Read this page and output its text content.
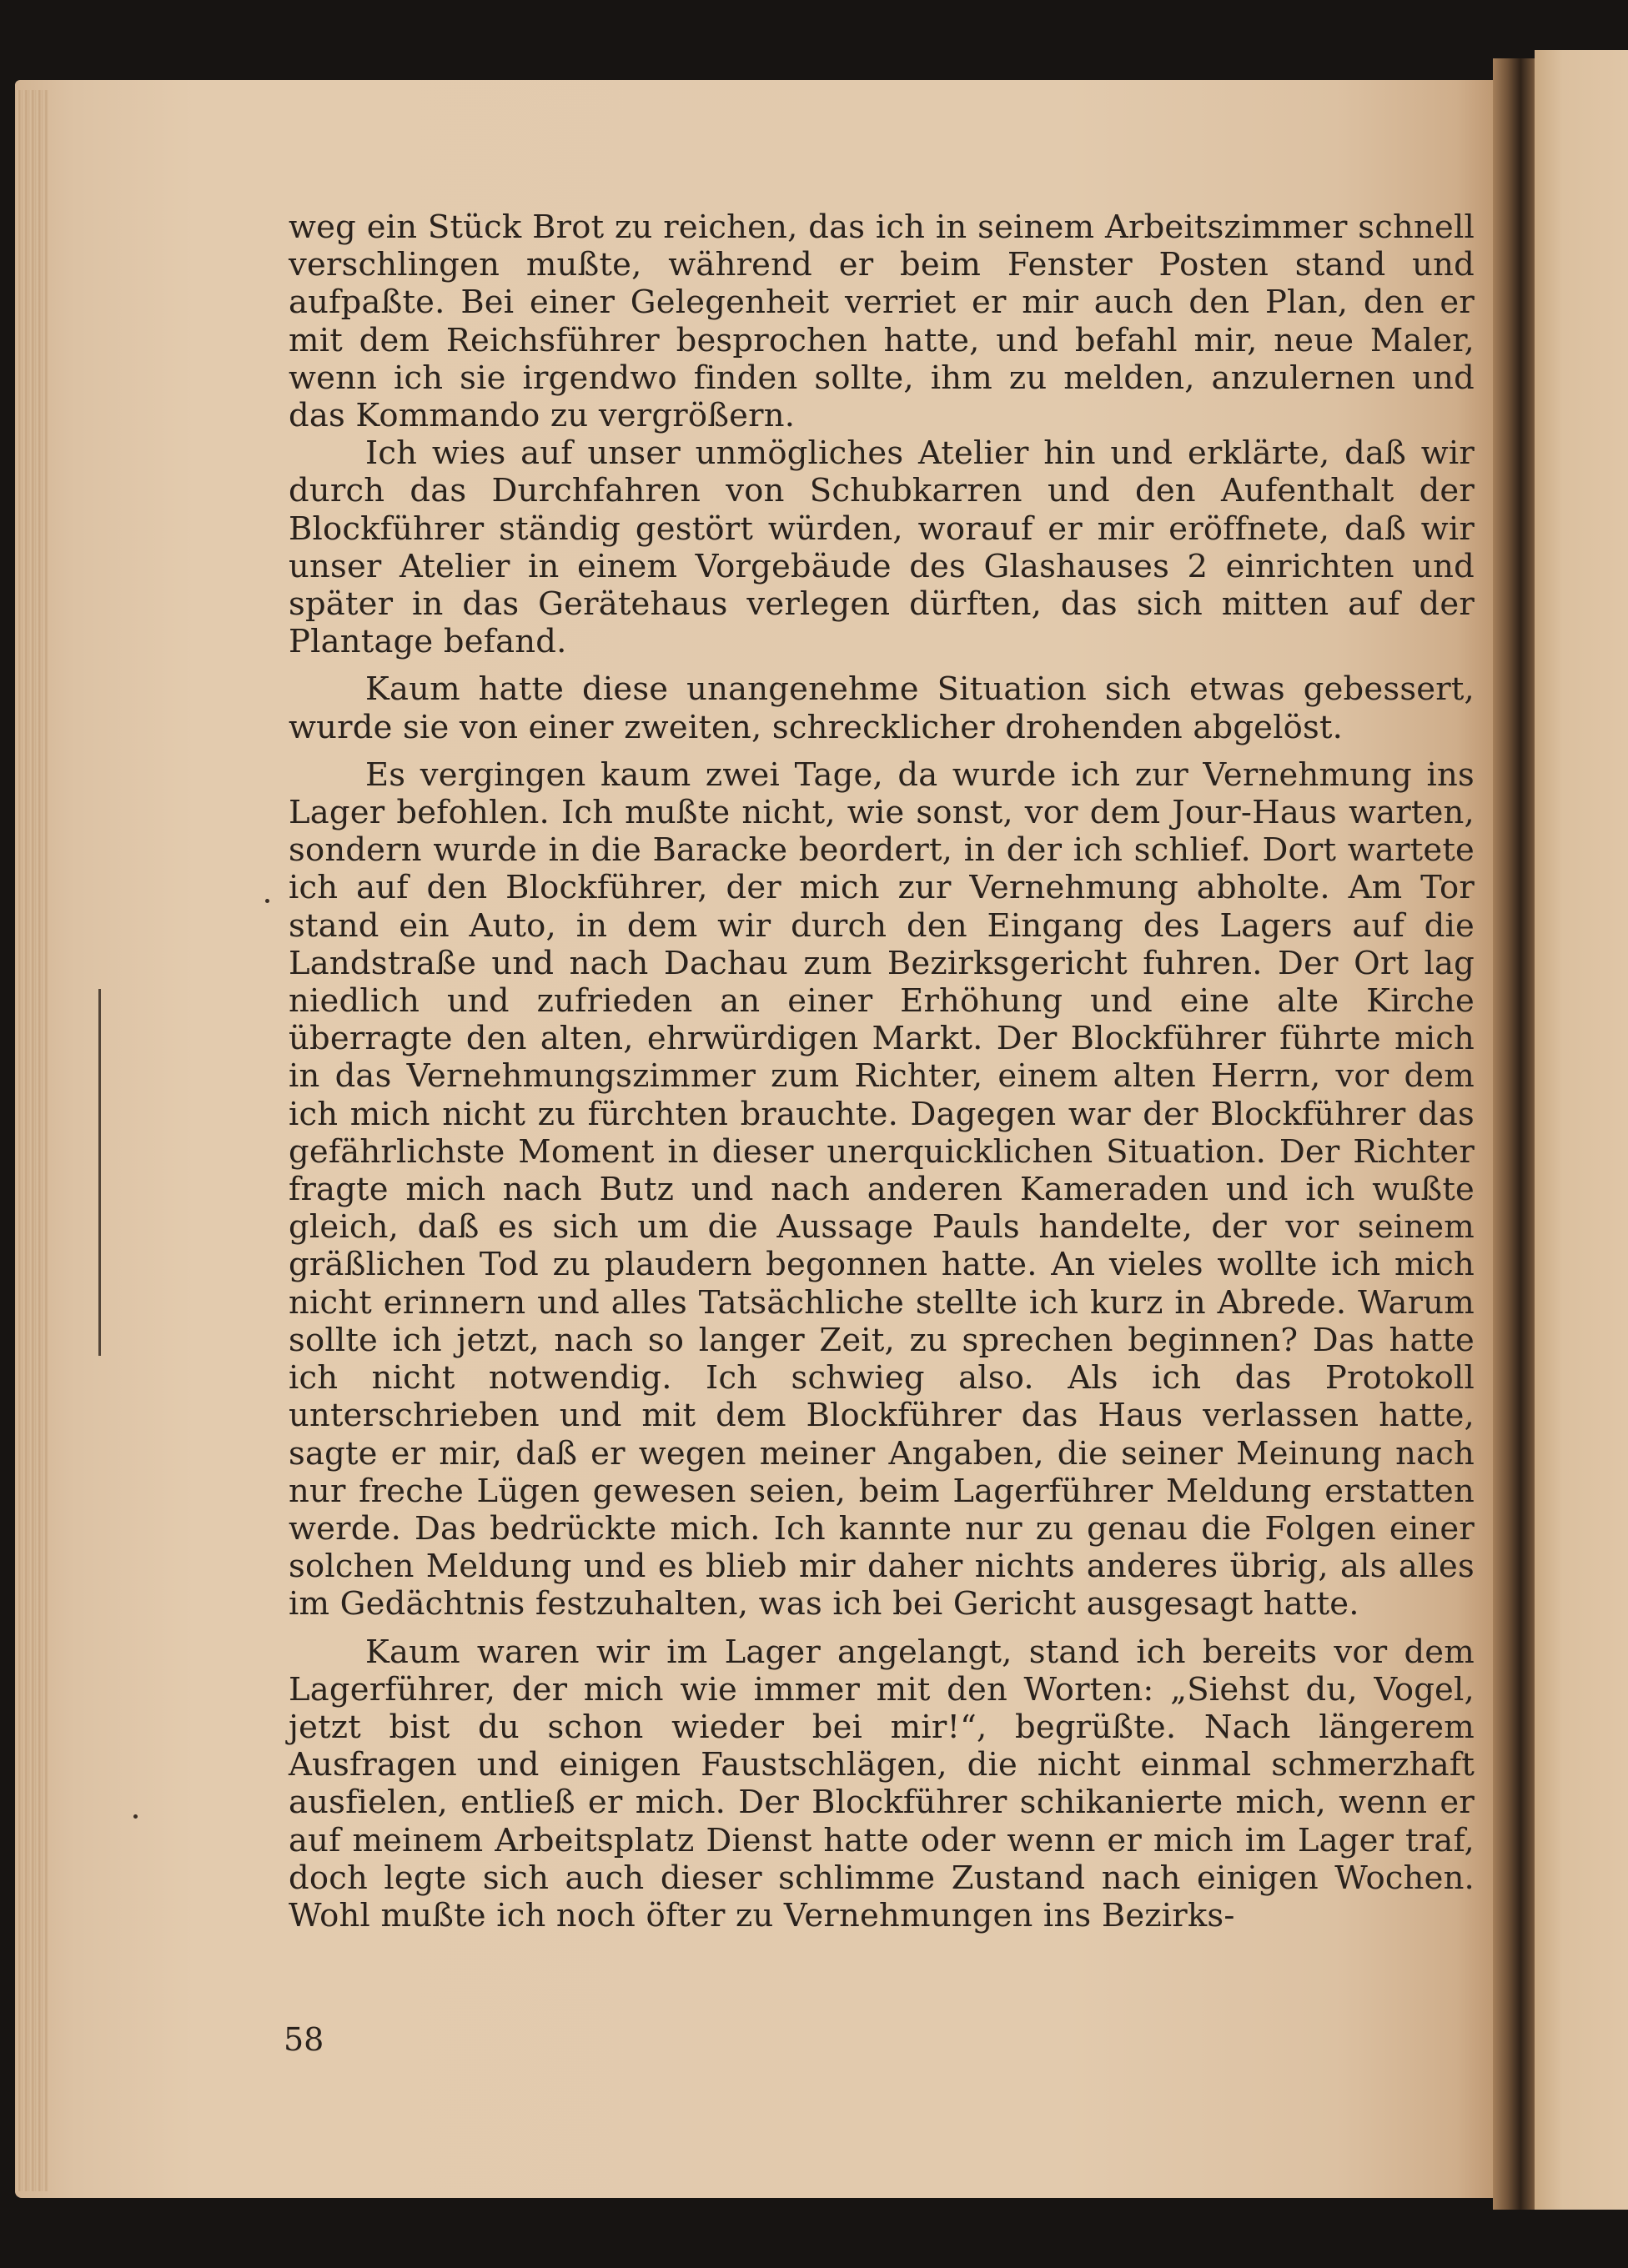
weg ein Stück Brot zu reichen, das ich in seinem Arbeitszimmer schnell verschlingen mußte, während er beim Fenster Posten stand und aufpaßte. Bei einer Gelegenheit verriet er mir auch den Plan, den er mit dem Reichsführer besprochen hatte, und befahl mir, neue Maler, wenn ich sie irgendwo finden sollte, ihm zu melden, anzulernen und das Kommando zu vergrößern.

Ich wies auf unser unmögliches Atelier hin und erklärte, daß wir durch das Durchfahren von Schubkarren und den Aufenthalt der Blockführer ständig gestört würden, worauf er mir eröffnete, daß wir unser Atelier in einem Vorgebäude des Glashauses 2 einrichten und später in das Gerätehaus verlegen dürften, das sich mitten auf der Plantage befand.

Kaum hatte diese unangenehme Situation sich etwas gebessert, wurde sie von einer zweiten, schrecklicher drohenden abgelöst.

Es vergingen kaum zwei Tage, da wurde ich zur Vernehmung ins Lager befohlen. Ich mußte nicht, wie sonst, vor dem Jour-Haus warten, sondern wurde in die Baracke beordert, in der ich schlief. Dort wartete ich auf den Blockführer, der mich zur Vernehmung abholte. Am Tor stand ein Auto, in dem wir durch den Eingang des Lagers auf die Landstraße und nach Dachau zum Bezirksgericht fuhren. Der Ort lag niedlich und zufrieden an einer Erhöhung und eine alte Kirche überragte den alten, ehrwürdigen Markt. Der Blockführer führte mich in das Vernehmungszimmer zum Richter, einem alten Herrn, vor dem ich mich nicht zu fürchten brauchte. Dagegen war der Blockführer das gefährlichste Moment in dieser unerquicklichen Situation. Der Richter fragte mich nach Butz und nach anderen Kameraden und ich wußte gleich, daß es sich um die Aussage Pauls handelte, der vor seinem gräßlichen Tod zu plaudern begonnen hatte. An vieles wollte ich mich nicht erinnern und alles Tatsächliche stellte ich kurz in Abrede. Warum sollte ich jetzt, nach so langer Zeit, zu sprechen beginnen? Das hatte ich nicht notwendig. Ich schwieg also. Als ich das Protokoll unterschrieben und mit dem Blockführer das Haus verlassen hatte, sagte er mir, daß er wegen meiner Angaben, die seiner Meinung nach nur freche Lügen gewesen seien, beim Lagerführer Meldung erstatten werde. Das bedrückte mich. Ich kannte nur zu genau die Folgen einer solchen Meldung und es blieb mir daher nichts anderes übrig, als alles im Gedächtnis festzuhalten, was ich bei Gericht ausgesagt hatte.

Kaum waren wir im Lager angelangt, stand ich bereits vor dem Lagerführer, der mich wie immer mit den Worten: „Siehst du, Vogel, jetzt bist du schon wieder bei mir!“, begrüßte. Nach längerem Ausfragen und einigen Faustschlägen, die nicht einmal schmerzhaft ausfielen, entließ er mich. Der Blockführer schikanierte mich, wenn er auf meinem Arbeitsplatz Dienst hatte oder wenn er mich im Lager traf, doch legte sich auch dieser schlimme Zustand nach einigen Wochen. Wohl mußte ich noch öfter zu Vernehmungen ins Bezirks-

58
